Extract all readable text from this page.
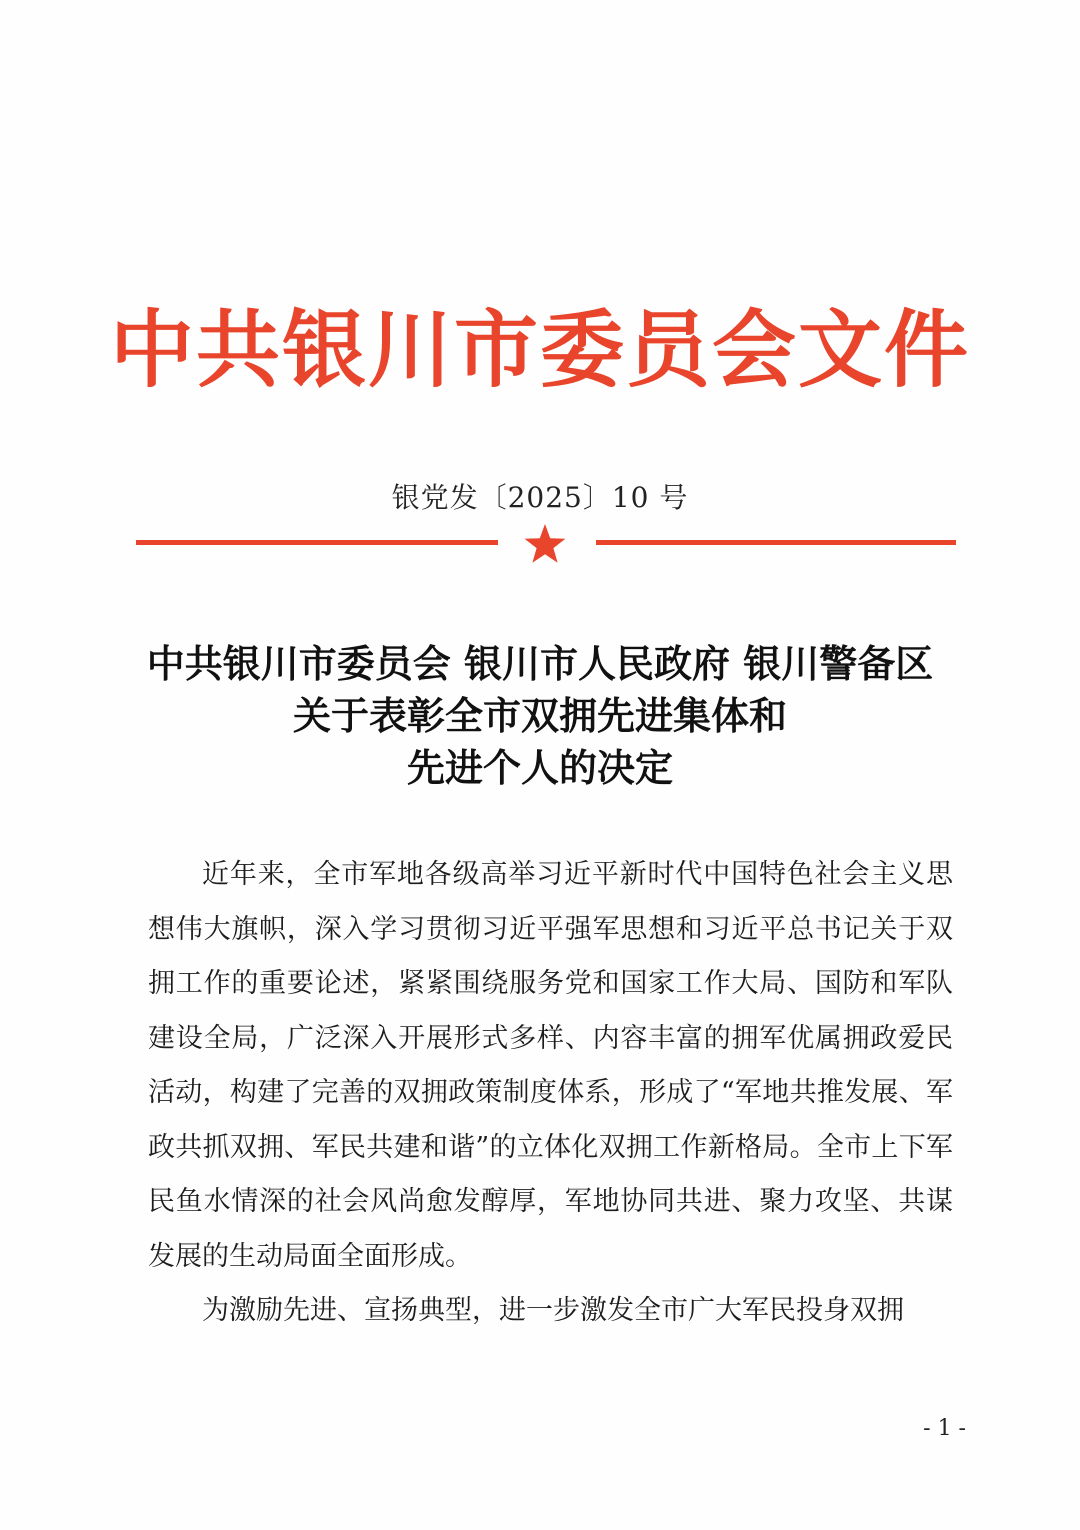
中共银川市委员会文件
银党发〔2025〕10 号
中共银川市委员会 银川市人民政府 银川警备区
关于表彰全市双拥先进集体和
先进个人的决定

近年来，全市军地各级高举习近平新时代中国特色社会主义思想伟大旗帜，深入学习贯彻习近平强军思想和习近平总书记关于双拥工作的重要论述，紧紧围绕服务党和国家工作大局、国防和军队建设全局，广泛深入开展形式多样、内容丰富的拥军优属拥政爱民活动，构建了完善的双拥政策制度体系，形成了“军地共推发展、军政共抓双拥、军民共建和谐”的立体化双拥工作新格局。全市上下军民鱼水情深的社会风尚愈发醇厚，军地协同共进、聚力攻坚、共谋发展的生动局面全面形成。

为激励先进、宣扬典型，进一步激发全市广大军民投身双拥

- 1 -
